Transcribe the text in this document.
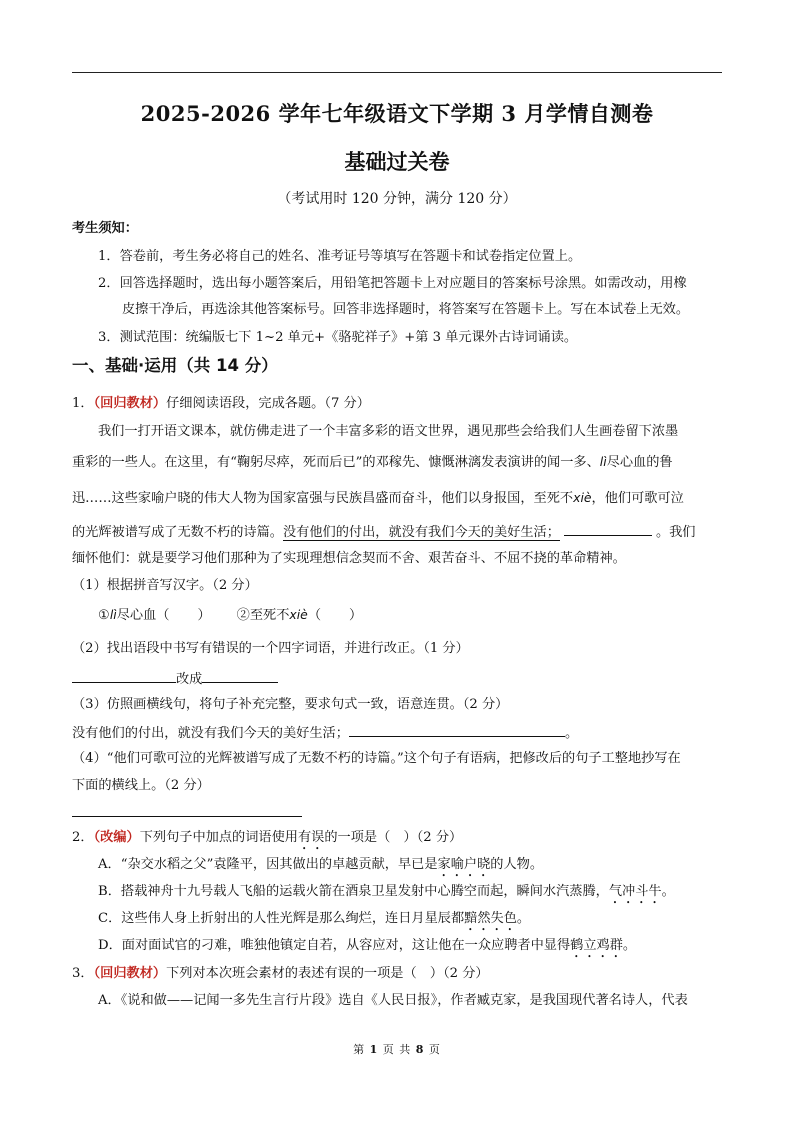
2025-2026 学年七年级语文下学期 3 月学情自测卷
基础过关卷
（考试用时 120 分钟，满分 120 分）
考生须知：
1．答卷前，考生务必将自己的姓名、准考证号等填写在答题卡和试卷指定位置上。
2．回答选择题时，选出每小题答案后，用铅笔把答题卡上对应题目的答案标号涂黑。如需改动，用橡
皮擦干净后，再选涂其他答案标号。回答非选择题时，将答案写在答题卡上。写在本试卷上无效。
3．测试范围：统编版七下 1~2 单元+《骆驼祥子》+第 3 单元课外古诗词诵读。
一、基础·运用（共 14 分）
1．（回归教材）仔细阅读语段，完成各题。（7 分）
我们一打开语文课本，就仿佛走进了一个丰富多彩的语文世界，遇见那些会给我们人生画卷留下浓墨
重彩的一些人。在这里，有“鞠躬尽瘁，死而后已”的邓稼先、慷慨淋漓发表演讲的闻一多、lì尽心血的鲁
迅……这些家喻户晓的伟大人物为国家富强与民族昌盛而奋斗，他们以身报国，至死不xiè，他们可歌可泣
的光辉被谱写成了无数不朽的诗篇。没有他们的付出，就没有我们今天的美好生活；	。我们
缅怀他们：就是要学习他们那种为了实现理想信念契而不舍、艰苦奋斗、不屈不挠的革命精神。
（1）根据拼音写汉字。（2 分）
①lì尽心血（ ） ②至死不xiè（ ）
（2）找出语段中书写有错误的一个四字词语，并进行改正。（1 分）
改成
（3）仿照画横线句，将句子补充完整，要求句式一致，语意连贯。（2 分）
没有他们的付出，就没有我们今天的美好生活；	。
（4）“他们可歌可泣的光辉被谱写成了无数不朽的诗篇。”这个句子有语病，把修改后的句子工整地抄写在
下面的横线上。（2 分）
2．（改编）下列句子中加点的词语使用有误的一项是（　）（2 分）
A．“杂交水稻之父”袁隆平，因其做出的卓越贡献，早已是家喻户晓的人物。
B．搭载神舟十九号载人飞船的运载火箭在酒泉卫星发射中心腾空而起，瞬间水汽蒸腾，气冲斗牛。
C．这些伟人身上折射出的人性光辉是那么绚烂，连日月星辰都黯然失色。
D．面对面试官的刁难，唯独他镇定自若，从容应对，这让他在一众应聘者中显得鹤立鸡群。
3．（回归教材）下列对本次班会素材的表述有误的一项是（　）（2 分）
A．《说和做——记闻一多先生言行片段》选自《人民日报》，作者臧克家，是我国现代著名诗人，代表
第 1 页 共 8 页
